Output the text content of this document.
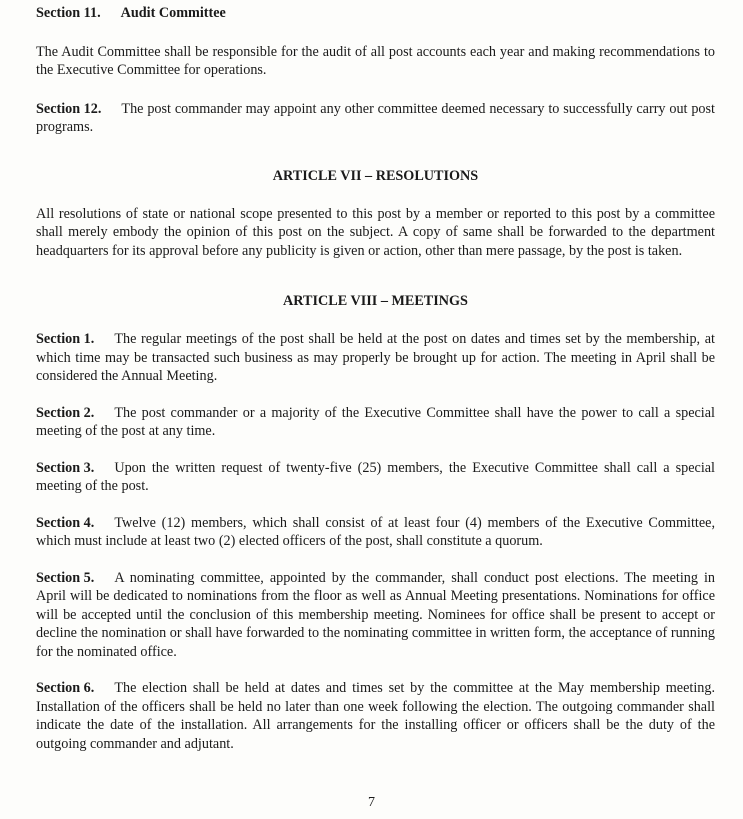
Section 11. Audit Committee

The Audit Committee shall be responsible for the audit of all post accounts each year and making recommendations to the Executive Committee for operations.

Section 12. The post commander may appoint any other committee deemed necessary to successfully carry out post programs.

ARTICLE VII – RESOLUTIONS

All resolutions of state or national scope presented to this post by a member or reported to this post by a committee shall merely embody the opinion of this post on the subject. A copy of same shall be forwarded to the department headquarters for its approval before any publicity is given or action, other than mere passage, by the post is taken.

ARTICLE VIII – MEETINGS

Section 1. The regular meetings of the post shall be held at the post on dates and times set by the membership, at which time may be transacted such business as may properly be brought up for action. The meeting in April shall be considered the Annual Meeting.

Section 2. The post commander or a majority of the Executive Committee shall have the power to call a special meeting of the post at any time.

Section 3. Upon the written request of twenty-five (25) members, the Executive Committee shall call a special meeting of the post.

Section 4. Twelve (12) members, which shall consist of at least four (4) members of the Executive Committee, which must include at least two (2) elected officers of the post, shall constitute a quorum.

Section 5. A nominating committee, appointed by the commander, shall conduct post elections. The meeting in April will be dedicated to nominations from the floor as well as Annual Meeting presentations. Nominations for office will be accepted until the conclusion of this membership meeting. Nominees for office shall be present to accept or decline the nomination or shall have forwarded to the nominating committee in written form, the acceptance of running for the nominated office.

Section 6. The election shall be held at dates and times set by the committee at the May membership meeting. Installation of the officers shall be held no later than one week following the election. The outgoing commander shall indicate the date of the installation. All arrangements for the installing officer or officers shall be the duty of the outgoing commander and adjutant.

7
